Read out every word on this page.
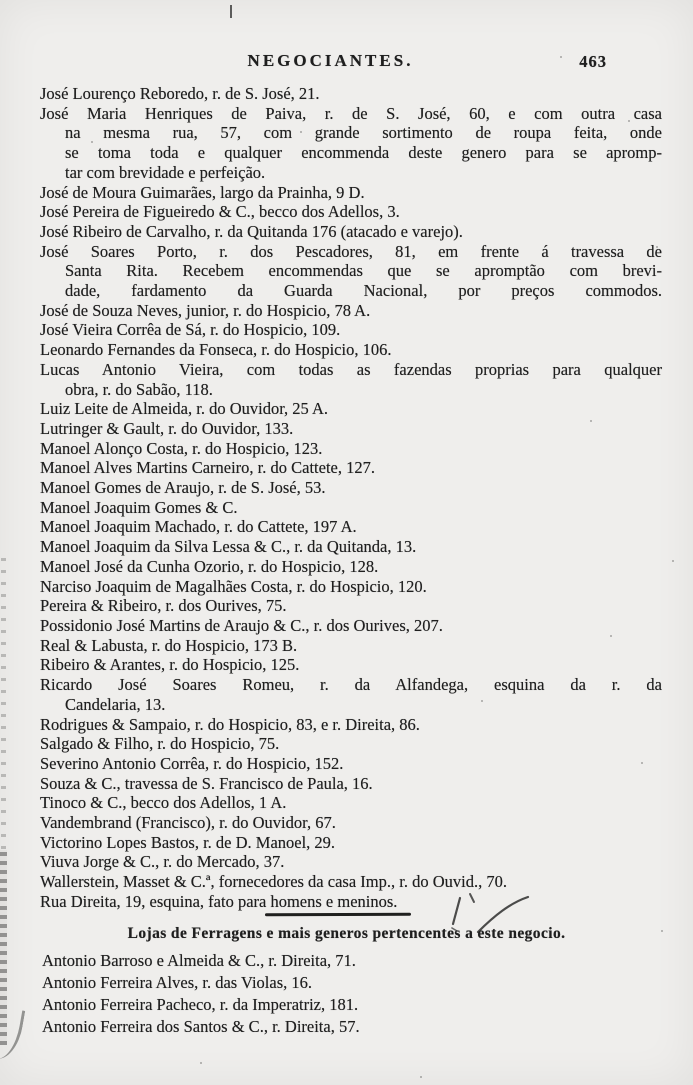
NEGOCIANTES.	463
José Lourenço Reboredo, r. de S. José, 21.
José Maria Henriques de Paiva, r. de S. José, 60, e com outra casa
na mesma rua, 57, com grande sortimento de roupa feita, onde
se toma toda e qualquer encommenda deste genero para se apromp-
tar com brevidade e perfeição.
José de Moura Guimarães, largo da Prainha, 9 D.
José Pereira de Figueiredo & C., becco dos Adellos, 3.
José Ribeiro de Carvalho, r. da Quitanda 176 (atacado e varejo).
José Soares Porto, r. dos Pescadores, 81, em frente á travessa de
Santa Rita. Recebem encommendas que se apromptão com brevi-
dade, fardamento da Guarda Nacional, por preços commodos.
José de Souza Neves, junior, r. do Hospicio, 78 A.
José Vieira Corrêa de Sá, r. do Hospicio, 109.
Leonardo Fernandes da Fonseca, r. do Hospicio, 106.
Lucas Antonio Vieira, com todas as fazendas proprias para qualquer
obra, r. do Sabão, 118.
Luiz Leite de Almeida, r. do Ouvidor, 25 A.
Lutringer & Gault, r. do Ouvidor, 133.
Manoel Alonço Costa, r. do Hospicio, 123.
Manoel Alves Martins Carneiro, r. do Cattete, 127.
Manoel Gomes de Araujo, r. de S. José, 53.
Manoel Joaquim Gomes & C.
Manoel Joaquim Machado, r. do Cattete, 197 A.
Manoel Joaquim da Silva Lessa & C., r. da Quitanda, 13.
Manoel José da Cunha Ozorio, r. do Hospicio, 128.
Narciso Joaquim de Magalhães Costa, r. do Hospicio, 120.
Pereira & Ribeiro, r. dos Ourives, 75.
Possidonio José Martins de Araujo & C., r. dos Ourives, 207.
Real & Labusta, r. do Hospicio, 173 B.
Ribeiro & Arantes, r. do Hospicio, 125.
Ricardo José Soares Romeu, r. da Alfandega, esquina da r. da
Candelaria, 13.
Rodrigues & Sampaio, r. do Hospicio, 83, e r. Direita, 86.
Salgado & Filho, r. do Hospicio, 75.
Severino Antonio Corrêa, r. do Hospicio, 152.
Souza & C., travessa de S. Francisco de Paula, 16.
Tinoco & C., becco dos Adellos, 1 A.
Vandembrand (Francisco), r. do Ouvidor, 67.
Victorino Lopes Bastos, r. de D. Manoel, 29.
Viuva Jorge & C., r. do Mercado, 37.
Wallerstein, Masset & C.ª, fornecedores da casa Imp., r. do Ouvid., 70.
Rua Direita, 19, esquina, fato para homens e meninos.
Lojas de Ferragens e mais generos pertencentes a este negocio.
Antonio Barroso e Almeida & C., r. Direita, 71.
Antonio Ferreira Alves, r. das Violas, 16.
Antonio Ferreira Pacheco, r. da Imperatriz, 181.
Antonio Ferreira dos Santos & C., r. Direita, 57.
